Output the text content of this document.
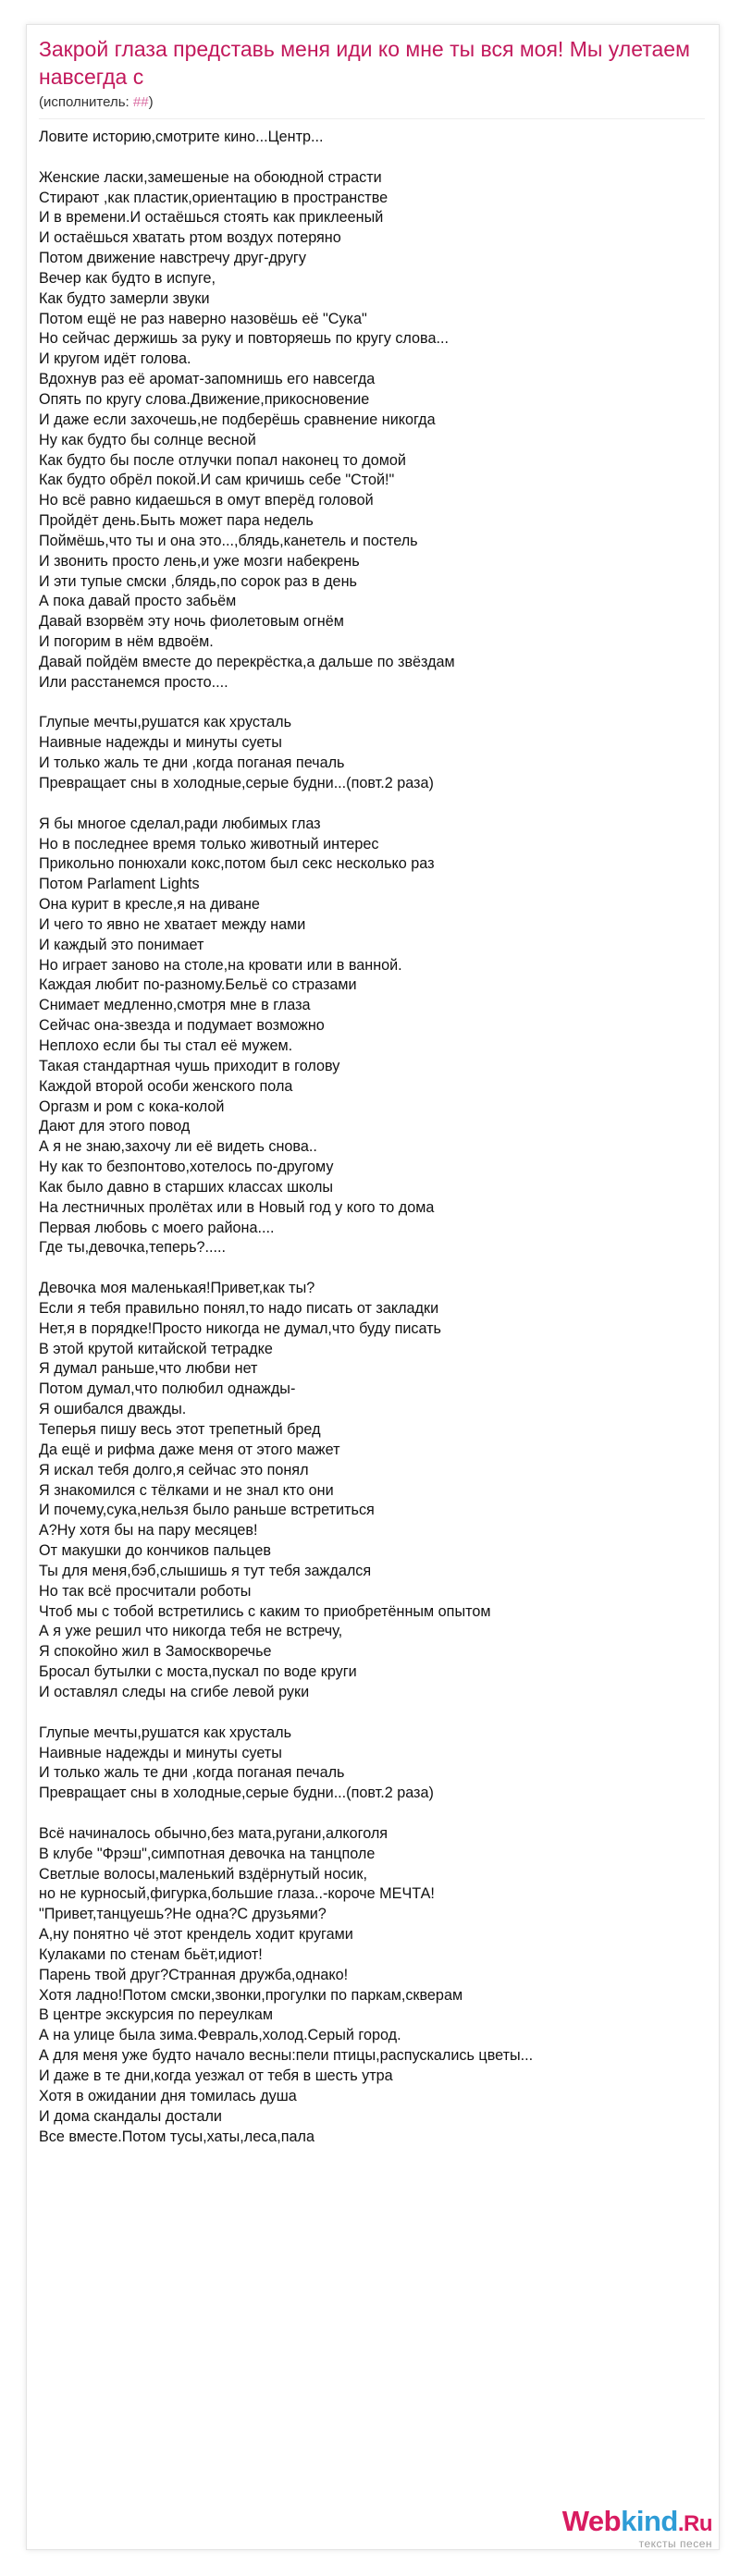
Закрой глаза представь меня иди ко мне ты вся моя! Мы улетаем навсегда с
(исполнитель: ##)
Ловите историю,смотрите кино...Центр...
Женские ласки,замешеные на обоюдной страсти
Стирают ,как пластик,ориентацию в пространстве
И в времени.И остаёшься стоять как приклееный
И остаёшься хватать ртом воздух потеряно
Потом движение навстречу друг-другу
Вечер как будто в испуге,
Как будто замерли звуки
Потом ещё не раз наверно назовёшь её "Сука"
Но сейчас держишь за руку и повторяешь по кругу слова...
И кругом идёт голова.
Вдохнув раз её аромат-запомнишь его навсегда
Опять по кругу слова.Движение,прикосновение
И даже если захочешь,не подберёшь сравнение никогда
Ну как будто бы солнце весной
Как будто бы после отлучки попал наконец то домой
Как будто обрёл покой.И сам кричишь себе "Стой!"
Но всё равно кидаешься в омут вперёд головой
Пройдёт день.Быть может пара недель
Поймёшь,что ты и она это...,блядь,канетель и постель
И звонить просто лень,и уже мозги набекрень
И эти тупые смски ,блядь,по сорок раз в день
А пока давай просто забьём
Давай взорвём эту ночь фиолетовым огнём
И погорим в нём вдвоём.
Давай пойдём вместе до перекрёстка,а дальше по звёздам
Или расстанемся просто....
Глупые мечты,рушатся как хрусталь
Наивные надежды и минуты суеты
И только жаль те дни ,когда поганая печаль
Превращает сны в холодные,серые будни...(повт.2 раза)
Я бы многое сделал,ради любимых глаз
Но в последнее время только животный интерес
Прикольно понюхали кокс,потом был секс несколько раз
Потом Parlament Lights
Она курит в кресле,я на диване
И чего то явно не хватает между нами
И каждый это понимает
Но играет заново на столе,на кровати или в ванной.
Каждая любит по-разному.Бельё со стразами
Снимает медленно,смотря мне в глаза
Сейчас она-звезда и подумает возможно
Неплохо если бы ты стал её мужем.
Такая стандартная чушь приходит в голову
Каждой второй особи женского пола
Оргазм и ром с кока-колой
Дают для этого повод
А я не знаю,захочу ли её видеть снова..
Ну как то безпонтово,хотелось по-другому
Как было давно в старших классах школы
На лестничных пролётах или в Новый год у кого то дома
Первая любовь с моего района....
Где ты,девочка,теперь?.....
Девочка моя маленькая!Привет,как ты?
Если я тебя правильно понял,то надо писать от закладки
Нет,я в порядке!Просто никогда не думал,что буду писать
В этой крутой китайской тетрадке
Я думал раньше,что любви нет
Потом думал,что полюбил однажды-
Я ошибался дважды.
Теперья пишу весь этот трепетный бред
Да ещё и рифма даже меня от этого мажет
Я искал тебя долго,я сейчас это понял
Я знакомился с тёлками и не знал кто они
И почему,сука,нельзя было раньше встретиться
А?Ну хотя бы на пару месяцев!
От макушки до кончиков пальцев
Ты для меня,бэб,слышишь я тут тебя заждался
Но так всё просчитали роботы
Чтоб мы с тобой встретились с каким то приобретённым опытом
А я уже решил что никогда тебя не встречу,
Я спокойно жил в Замоскворечье
Бросал бутылки с моста,пускал по воде круги
И оставлял следы на сгибе левой руки
Глупые мечты,рушатся как хрусталь
Наивные надежды и минуты суеты
И только жаль те дни ,когда поганая печаль
Превращает сны в холодные,серые будни...(повт.2 раза)
Всё начиналось обычно,без мата,ругани,алкоголя
В клубе "Фрэш",симпотная девочка на танцполе
Светлые волосы,маленький вздёрнутый носик,
но не курносый,фигурка,большие глаза..-короче МЕЧТА!
"Привет,танцуешь?Не одна?С друзьями?
А,ну понятно чё этот крендель ходит кругами
Кулаками по стенам бьёт,идиот!
Парень твой друг?Странная дружба,однако!
Хотя ладно!Потом смски,звонки,прогулки по паркам,скверам
В центре экскурсия по переулкам
А на улице была зима.Февраль,холод.Серый город.
А для меня уже будто начало весны:пели птицы,распускались цветы...
И даже в те дни,когда уезжал от тебя в шесть утра
Хотя в ожидании дня томилась душа
И дома скандалы достали
Все вместе.Потом тусы,хаты,леса,пала
Webkind.Ru
тексты песен
